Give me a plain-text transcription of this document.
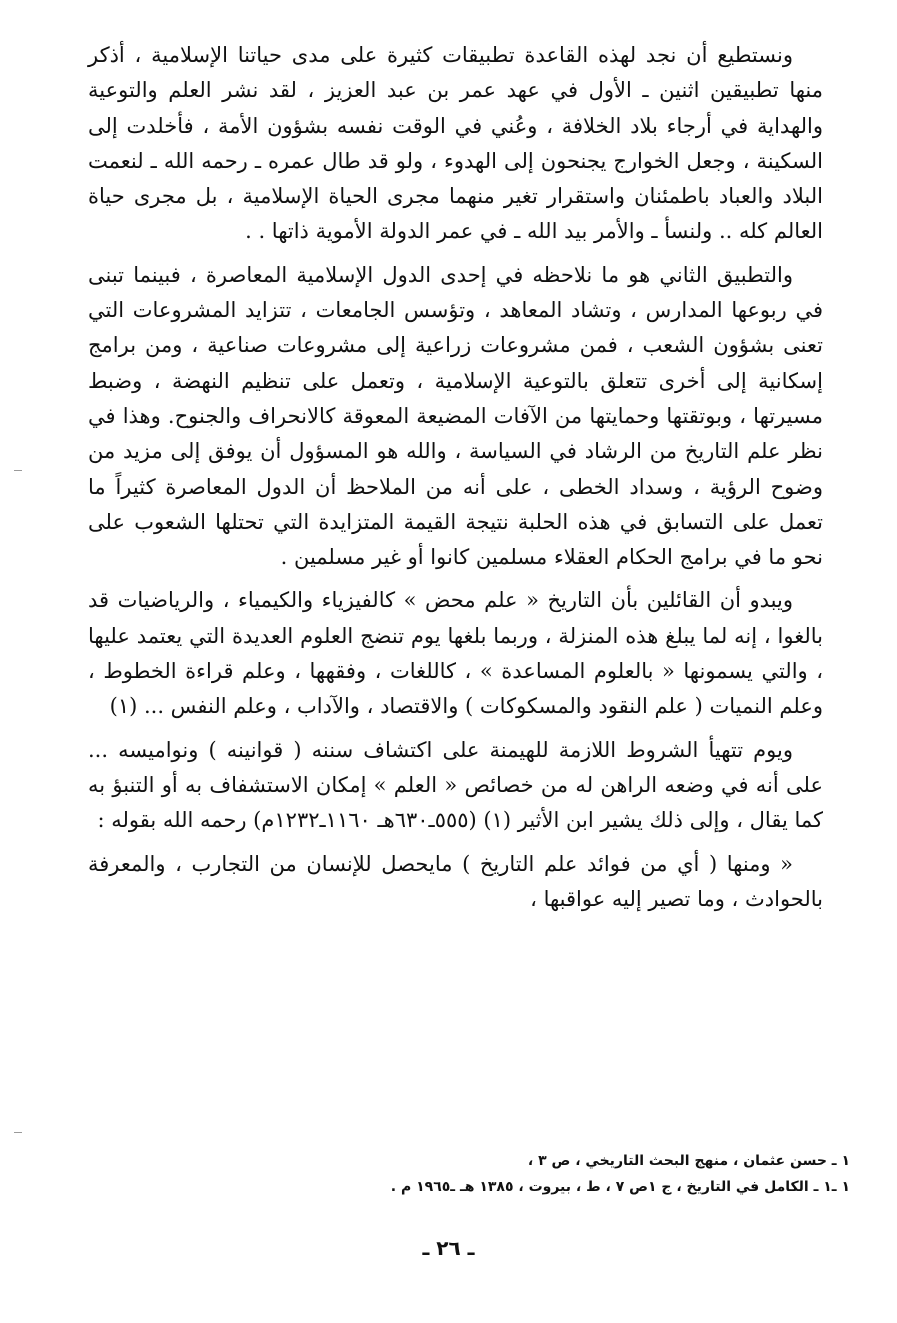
ونستطيع أن نجد لهذه القاعدة تطبيقات كثيرة على مدى حياتنا الإسلامية ، أذكر منها تطبيقين اثنين ـ الأول في عهد عمر بن عبد العزيز ، لقد نشر العلم والتوعية والهداية في أرجاء بلاد الخلافة ، وعُني في الوقت نفسه بشؤون الأمة ، فأخلدت إلى السكينة ، وجعل الخوارج يجنحون إلى الهدوء ، ولو قد طال عمره ـ رحمه الله ـ لنعمت البلاد والعباد باطمئنان واستقرار تغير منهما مجرى الحياة الإسلامية ، بل مجرى حياة العالم كله .. ولنسأ ـ والأمر بيد الله ـ في عمر الدولة الأموية ذاتها . .

والتطبيق الثاني هو ما نلاحظه في إحدى الدول الإسلامية المعاصرة ، فبينما تبنى في ربوعها المدارس ، وتشاد المعاهد ، وتؤسس الجامعات ، تتزايد المشروعات التي تعنى بشؤون الشعب ، فمن مشروعات زراعية إلى مشروعات صناعية ، ومن برامج إسكانية إلى أخرى تتعلق بالتوعية الإسلامية ، وتعمل على تنظيم النهضة ، وضبط مسيرتها ، وبوتقتها وحمايتها من الآفات المضيعة المعوقة كالانحراف والجنوح. وهذا في نظر علم التاريخ من الرشاد في السياسة ، والله هو المسؤول أن يوفق إلى مزيد من وضوح الرؤية ، وسداد الخطى ، على أنه من الملاحظ أن الدول المعاصرة كثيراً ما تعمل على التسابق في هذه الحلبة نتيجة القيمة المتزايدة التي تحتلها الشعوب على نحو ما في برامج الحكام العقلاء مسلمين كانوا أو غير مسلمين .

ويبدو أن القائلين بأن التاريخ « علم محض » كالفيزياء والكيمياء ، والرياضيات قد بالغوا ، إنه لما يبلغ هذه المنزلة ، وربما بلغها يوم تنضج العلوم العديدة التي يعتمد عليها ، والتي يسمونها « بالعلوم المساعدة » ، كاللغات ، وفقهها ، وعلم قراءة الخطوط ، وعلم النميات ( علم النقود والمسكوكات ) والاقتصاد ، والآداب ، وعلم النفس ... (١)

ويوم تتهيأ الشروط اللازمة للهيمنة على اكتشاف سننه ( قوانينه ) ونواميسه ... على أنه في وضعه الراهن له من خصائص « العلم » إمكان الاستشفاف به أو التنبؤ به كما يقال ، وإلى ذلك يشير ابن الأثير (١) (٥٥٥ـ٦٣٠هـ ١١٦٠ـ١٢٣٢م) رحمه الله بقوله :

« ومنها ( أي من فوائد علم التاريخ ) مايحصل للإنسان من التجارب ، والمعرفة بالحوادث ، وما تصير إليه عواقبها ،

١ ـ حسن عثمان ، منهج البحث التاريخي ، ص ٣ ،

١ ـ١ ـ الكامل في التاريخ ، ج ١ص ٧ ، ط ، بيروت ، ١٣٨٥ هـ ـ١٩٦٥ م .

ـ ٢٦ ـ
